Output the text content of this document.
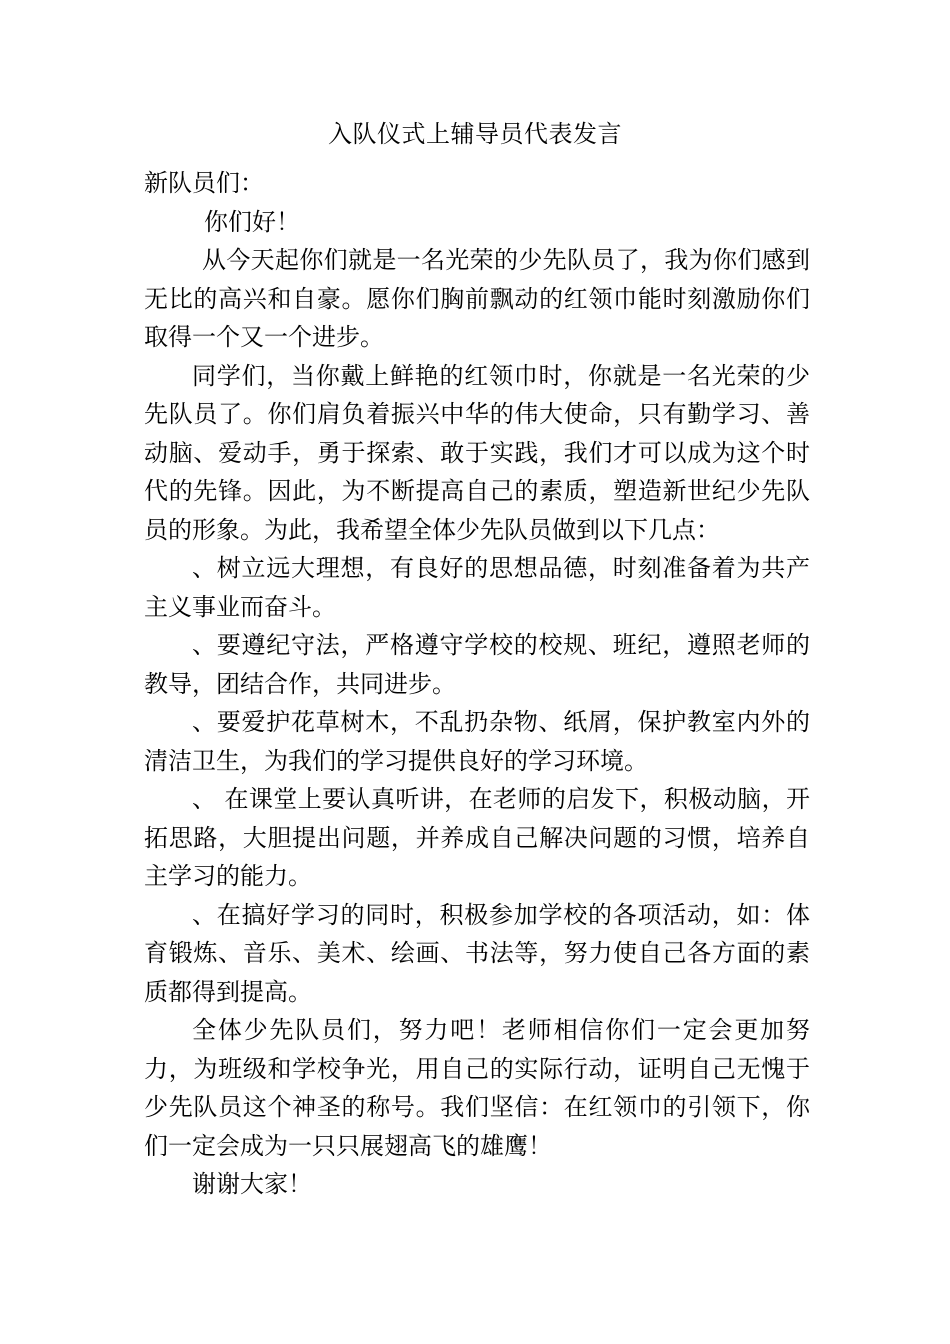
入队仪式上辅导员代表发言

新队员们：

你们好！

从今天起你们就是一名光荣的少先队员了，我为你们感到无比的高兴和自豪。愿你们胸前飘动的红领巾能时刻激励你们取得一个又一个进步。

同学们，当你戴上鲜艳的红领巾时，你就是一名光荣的少先队员了。你们肩负着振兴中华的伟大使命，只有勤学习、善动脑、爱动手，勇于探索、敢于实践，我们才可以成为这个时代的先锋。因此，为不断提高自己的素质，塑造新世纪少先队员的形象。为此，我希望全体少先队员做到以下几点：

、树立远大理想，有良好的思想品德，时刻准备着为共产主义事业而奋斗。

、要遵纪守法，严格遵守学校的校规、班纪，遵照老师的教导，团结合作，共同进步。

、要爱护花草树木，不乱扔杂物、纸屑，保护教室内外的清洁卫生，为我们的学习提供良好的学习环境。

、 在课堂上要认真听讲，在老师的启发下，积极动脑，开拓思路，大胆提出问题，并养成自己解决问题的习惯，培养自主学习的能力。

、在搞好学习的同时，积极参加学校的各项活动，如：体育锻炼、音乐、美术、绘画、书法等，努力使自己各方面的素质都得到提高。

全体少先队员们，努力吧！老师相信你们一定会更加努力，为班级和学校争光，用自己的实际行动，证明自己无愧于少先队员这个神圣的称号。我们坚信：在红领巾的引领下，你们一定会成为一只只展翅高飞的雄鹰！

谢谢大家！
